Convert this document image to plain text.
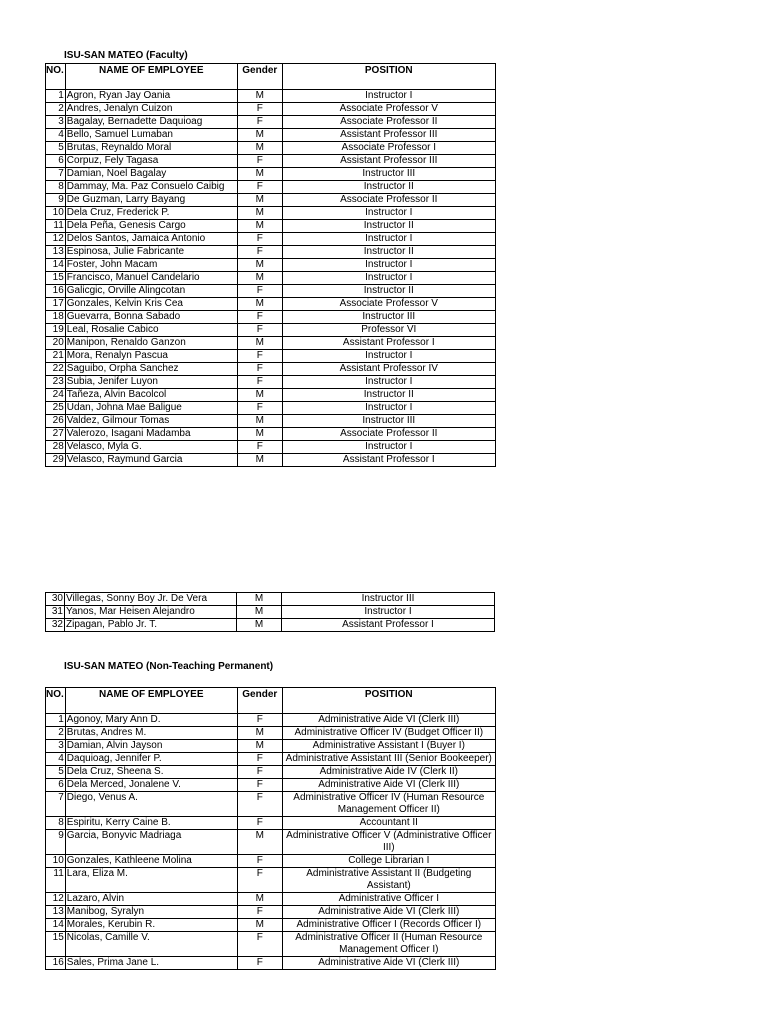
ISU-SAN MATEO (Faculty)
NO.	NAME OF EMPLOYEE	Gender	POSITION
1	Agron, Ryan Jay Oania	M	Instructor I
2	Andres, Jenalyn Cuizon	F	Associate Professor V
3	Bagalay, Bernadette Daquioag	F	Associate Professor II
4	Bello, Samuel Lumaban	M	Assistant Professor III
5	Brutas, Reynaldo Moral	M	Associate Professor I
6	Corpuz, Fely Tagasa	F	Assistant Professor III
7	Damian, Noel Bagalay	M	Instructor III
8	Dammay, Ma. Paz Consuelo Caibig	F	Instructor II
9	De Guzman, Larry Bayang	M	Associate Professor II
10	Dela Cruz, Frederick P.	M	Instructor I
11	Dela Peña, Genesis Cargo	M	Instructor II
12	Delos Santos, Jamaica Antonio	F	Instructor I
13	Espinosa, Julie Fabricante	F	Instructor II
14	Foster, John Macam	M	Instructor I
15	Francisco, Manuel Candelario	M	Instructor I
16	Galicgic, Orville Alingcotan	F	Instructor II
17	Gonzales, Kelvin Kris Cea	M	Associate Professor V
18	Guevarra, Bonna Sabado	F	Instructor III
19	Leal, Rosalie Cabico	F	Professor VI
20	Manipon, Renaldo Ganzon	M	Assistant Professor I
21	Mora, Renalyn Pascua	F	Instructor I
22	Saguibo, Orpha Sanchez	F	Assistant Professor IV
23	Subia, Jenifer Luyon	F	Instructor I
24	Tañeza, Alvin Bacolcol	M	Instructor II
25	Udan, Johna Mae Baligue	F	Instructor I
26	Valdez, Gilmour Tomas	M	Instructor III
27	Valerozo, Isagani Madamba	M	Associate Professor II
28	Velasco, Myla G.	F	Instructor I
29	Velasco, Raymund Garcia	M	Assistant Professor I
30	Villegas, Sonny Boy Jr. De Vera	M	Instructor III
31	Yanos, Mar Heisen Alejandro	M	Instructor I
32	Zipagan, Pablo Jr. T.	M	Assistant Professor I
ISU-SAN MATEO (Non-Teaching Permanent)
NO.	NAME OF EMPLOYEE	Gender	POSITION
1	Agonoy, Mary Ann D.	F	Administrative Aide VI (Clerk III)
2	Brutas, Andres M.	M	Administrative Officer IV (Budget Officer II)
3	Damian, Alvin Jayson	M	Administrative Assistant I (Buyer I)
4	Daquioag, Jennifer P.	F	Administrative Assistant III (Senior Bookeeper)
5	Dela Cruz, Sheena S.	F	Administrative Aide IV (Clerk II)
6	Dela Merced, Jonalene V.	F	Administrative Aide VI (Clerk III)
7	Diego, Venus A.	F	Administrative Officer IV (Human Resource Management Officer II)
8	Espiritu, Kerry Caine B.	F	Accountant II
9	Garcia, Bonyvic Madriaga	M	Administrative Officer V (Administrative Officer III)
10	Gonzales, Kathleene Molina	F	College Librarian I
11	Lara, Eliza M.	F	Administrative Assistant II (Budgeting Assistant)
12	Lazaro, Alvin	M	Administrative Officer I
13	Manibog, Syralyn	F	Administrative Aide VI (Clerk III)
14	Morales, Kerubin R.	M	Administrative Officer I (Records Officer I)
15	Nicolas, Camille V.	F	Administrative Officer II (Human Resource Management Officer I)
16	Sales, Prima Jane L.	F	Administrative Aide VI (Clerk III)
